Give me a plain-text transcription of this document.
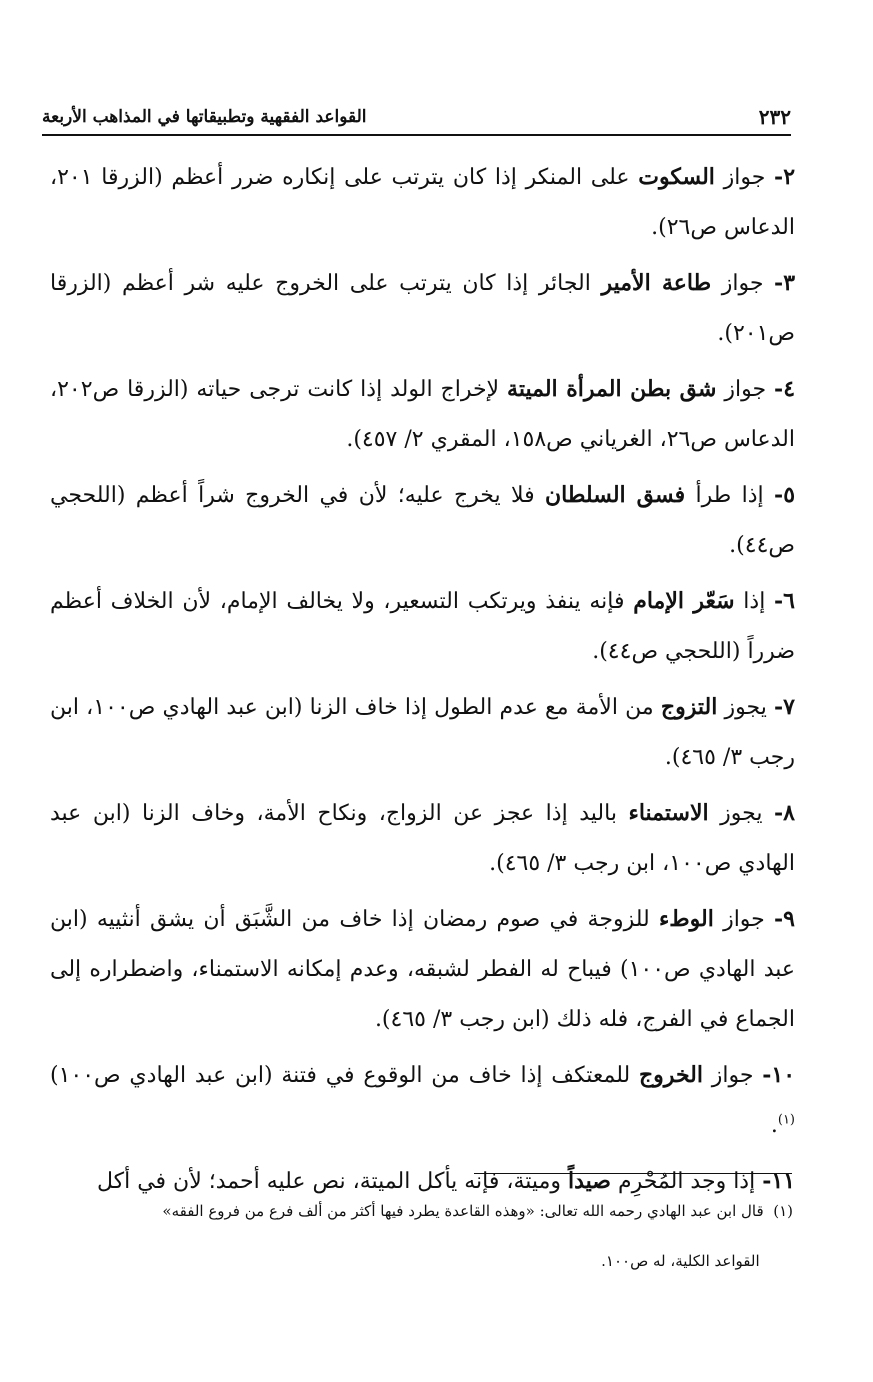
٢٣٢
القواعد الفقهية وتطبيقاتها في المذاهب الأربعة

٢- جواز السكوت على المنكر إذا كان يترتب على إنكاره ضرر أعظم (الزرقا ٢٠١، الدعاس ص٢٦).

٣- جواز طاعة الأمير الجائر إذا كان يترتب على الخروج عليه شر أعظم (الزرقا ص٢٠١).

٤- جواز شق بطن المرأة الميتة لإخراج الولد إذا كانت ترجى حياته (الزرقا ص٢٠٢، الدعاس ص٢٦، الغرياني ص١٥٨، المقري ٢/ ٤٥٧).

٥- إذا طرأ فسق السلطان فلا يخرج عليه؛ لأن في الخروج شراً أعظم (اللحجي ص٤٤).

٦- إذا سَعّر الإمام فإنه ينفذ ويرتكب التسعير، ولا يخالف الإمام، لأن الخلاف أعظم ضرراً (اللحجي ص٤٤).

٧- يجوز التزوج من الأمة مع عدم الطول إذا خاف الزنا (ابن عبد الهادي ص١٠٠، ابن رجب ٣/ ٤٦٥).

٨- يجوز الاستمناء باليد إذا عجز عن الزواج، ونكاح الأمة، وخاف الزنا (ابن عبد الهادي ص١٠٠، ابن رجب ٣/ ٤٦٥).

٩- جواز الوطء للزوجة في صوم رمضان إذا خاف من الشَّبَق أن يشق أنثييه (ابن عبد الهادي ص١٠٠) فيباح له الفطر لشبقه، وعدم إمكانه الاستمناء، واضطراره إلى الجماع في الفرج، فله ذلك (ابن رجب ٣/ ٤٦٥).

١٠- جواز الخروج للمعتكف إذا خاف من الوقوع في فتنة (ابن عبد الهادي ص١٠٠)$^{(١)}$.

١١- إذا وجد المُحْرِم صيداً وميتة، فإنه يأكل الميتة، نص عليه أحمد؛ لأن في أكل

(١)  قال ابن عبد الهادي رحمه الله تعالى: «وهذه القاعدة يطرد فيها أكثر من ألف فرع من فروع الفقه»

القواعد الكلية، له ص١٠٠.
